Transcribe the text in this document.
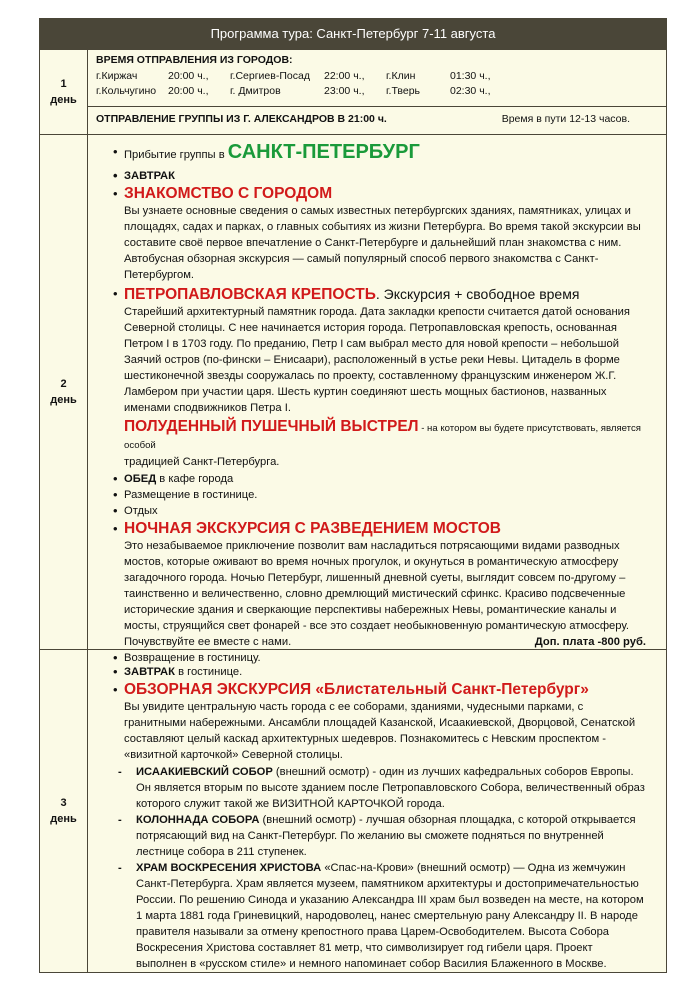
Программа тура: Санкт-Петербург 7-11 августа
1
день
ВРЕМЯ ОТПРАВЛЕНИЯ ИЗ ГОРОДОВ:
г.Киржач	20:00 ч.,	г.Сергиев-Посад	22:00 ч.,	г.Клин	01:30 ч.,
г.Кольчугино	20:00 ч.,	г. Дмитров	23:00 ч.,	г.Тверь	02:30 ч.,
ОТПРАВЛЕНИЕ ГРУППЫ ИЗ Г. АЛЕКСАНДРОВ В 21:00 ч.	Время в пути 12-13 часов.
2
день
• Прибытие группы в САНКТ-ПЕТЕРБУРГ
• ЗАВТРАК
• ЗНАКОМСТВО С ГОРОДОМ
Вы узнаете основные сведения о самых известных петербургских зданиях, памятниках, улицах и площадях, садах и парках, о главных событиях из жизни Петербурга. Во время такой экскурсии вы составите своё первое впечатление о Санкт-Петербурге и дальнейший план знакомства с ним. Автобусная обзорная экскурсия — самый популярный способ первого знакомства с Санкт-Петербургом.
• ПЕТРОПАВЛОВСКАЯ КРЕПОСТЬ. Экскурсия + свободное время
Старейший архитектурный памятник города. Дата закладки крепости считается датой основания Северной столицы. С нее начинается история города. Петропавловская крепость, основанная Петром I в 1703 году. По преданию, Петр I сам выбрал место для новой крепости – небольшой Заячий остров (по-фински – Енисаари), расположенный в устье реки Невы. Цитадель в форме шестиконечной звезды сооружалась по проекту, составленному французским инженером Ж.Г. Ламбером при участии царя. Шесть куртин соединяют шесть мощных бастионов, названных именами сподвижников Петра I.
ПОЛУДЕННЫЙ ПУШЕЧНЫЙ ВЫСТРЕЛ - на котором вы будете присутствовать, является особой
традицией Санкт-Петербурга.
• ОБЕД в кафе города
• Размещение в гостинице.
• Отдых
• НОЧНАЯ ЭКСКУРСИЯ С РАЗВЕДЕНИЕМ МОСТОВ
Это незабываемое приключение позволит вам насладиться потрясающими видами разводных мостов, которые оживают во время ночных прогулок, и окунуться в романтическую атмосферу загадочного города. Ночью Петербург, лишенный дневной суеты, выглядит совсем по-другому – таинственно и величественно, словно дремлющий мистический сфинкс. Красиво подсвеченные исторические здания и сверкающие перспективы набережных Невы, романтические каналы и мосты, струящийся свет фонарей - все это создает необыкновенную романтическую атмосферу.
Почувствуйте ее вместе с нами.	Доп. плата -800 руб.
• Возвращение в гостиницу.
3
день
• ЗАВТРАК в гостинице.
• ОБЗОРНАЯ ЭКСКУРСИЯ «Блистательный Санкт-Петербург»
Вы увидите центральную часть города с ее соборами, зданиями, чудесными парками, с гранитными набережными. Ансамбли площадей Казанской, Исаакиевской, Дворцовой, Сенатской составляют целый каскад архитектурных шедевров. Познакомитесь с Невским проспектом - «визитной карточкой» Северной столицы.
- ИСААКИЕВСКИЙ СОБОР (внешний осмотр) - один из лучших кафедральных соборов Европы. Он является вторым по высоте зданием после Петропавловского Собора, величественный образ которого служит такой же ВИЗИТНОЙ КАРТОЧКОЙ города.
- КОЛОННАДА СОБОРА (внешний осмотр) - лучшая обзорная площадка, с которой открывается потрясающий вид на Санкт-Петербург. По желанию вы сможете подняться по внутренней лестнице собора в 211 ступенек.
- ХРАМ ВОСКРЕСЕНИЯ ХРИСТОВА «Спас-на-Крови» (внешний осмотр) — Одна из жемчужин Санкт-Петербурга. Храм является музеем, памятником архитектуры и достопримечательностью России. По решению Синода и указанию Александра III храм был возведен на месте, на котором 1 марта 1881 года Гриневицкий, народоволец, нанес смертельную рану Александру II. В народе правителя называли за отмену крепостного права Царем-Освободителем. Высота Собора Воскресения Христова составляет 81 метр, что символизирует год гибели царя. Проект выполнен в «русском стиле» и немного напоминает собор Василия Блаженного в Москве.
